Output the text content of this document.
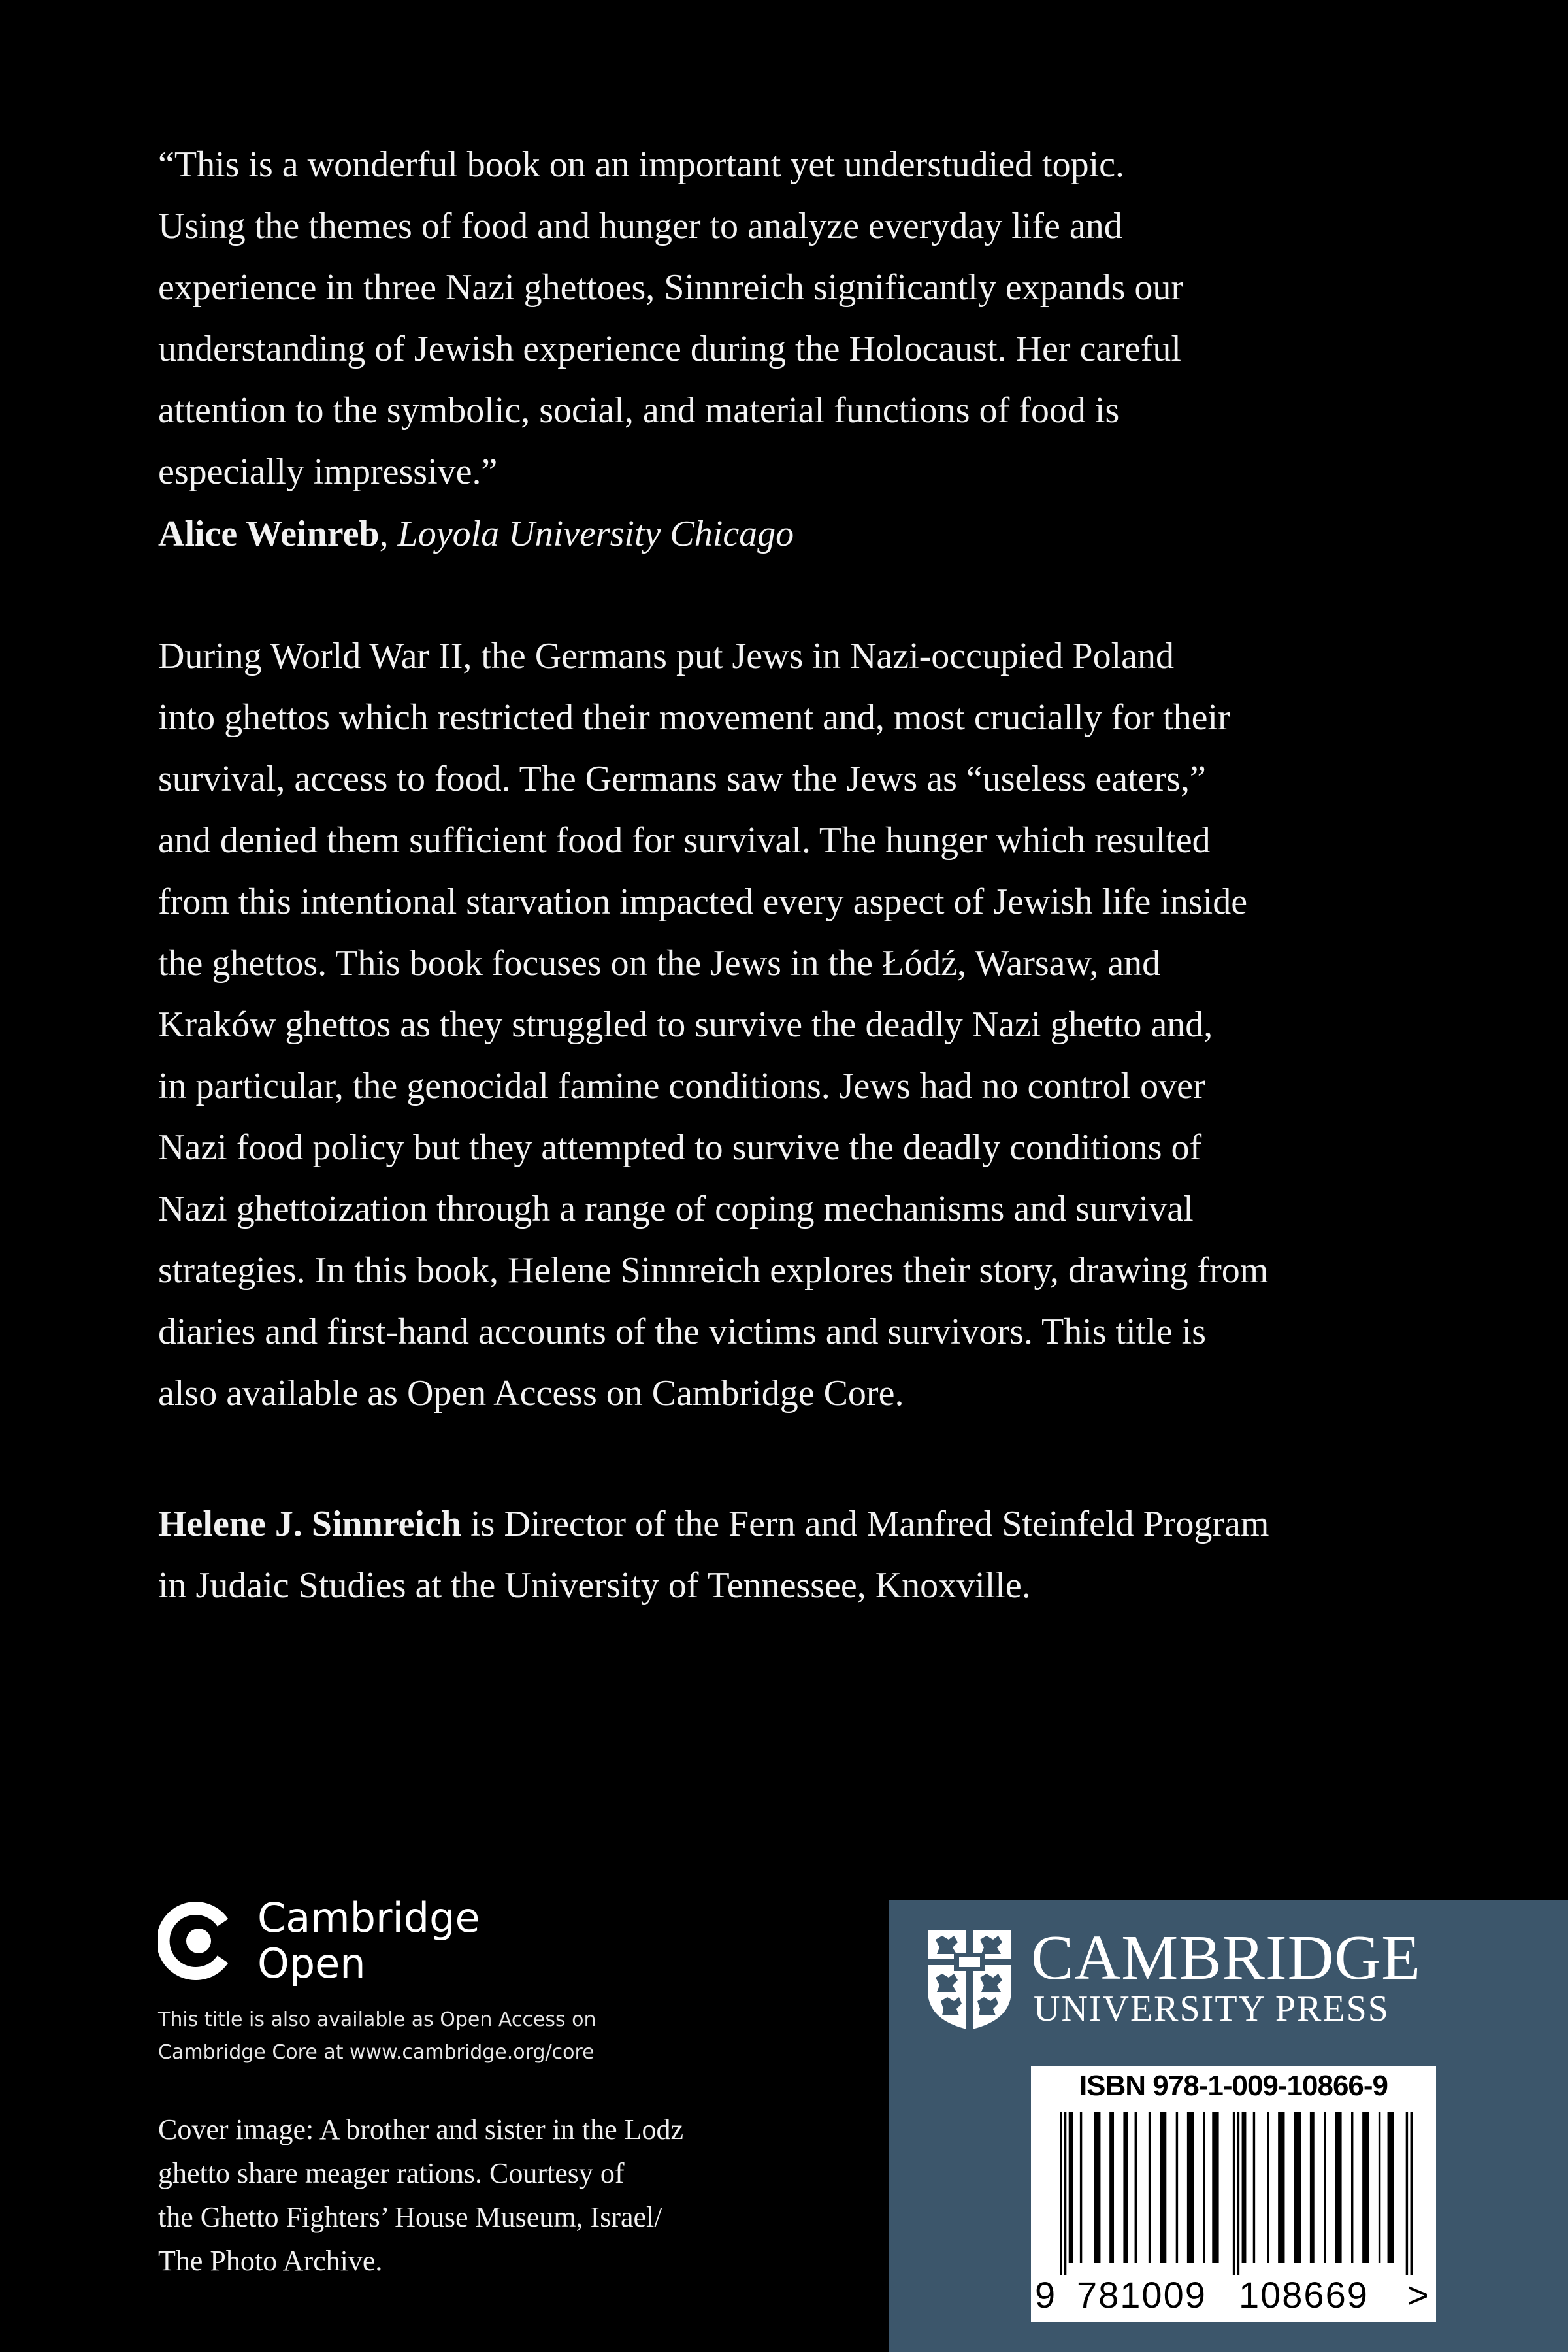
“This is a wonderful book on an important yet understudied topic.
Using the themes of food and hunger to analyze everyday life and
experience in three Nazi ghettoes, Sinnreich significantly expands our
understanding of Jewish experience during the Holocaust. Her careful
attention to the symbolic, social, and material functions of food is
especially impressive.”
Alice Weinreb, Loyola University Chicago
During World War II, the Germans put Jews in Nazi-occupied Poland
into ghettos which restricted their movement and, most crucially for their
survival, access to food. The Germans saw the Jews as “useless eaters,”
and denied them sufficient food for survival. The hunger which resulted
from this intentional starvation impacted every aspect of Jewish life inside
the ghettos. This book focuses on the Jews in the Łódź, Warsaw, and
Kraków ghettos as they struggled to survive the deadly Nazi ghetto and,
in particular, the genocidal famine conditions. Jews had no control over
Nazi food policy but they attempted to survive the deadly conditions of
Nazi ghettoization through a range of coping mechanisms and survival
strategies. In this book, Helene Sinnreich explores their story, drawing from
diaries and first-hand accounts of the victims and survivors. This title is
also available as Open Access on Cambridge Core.
Helene J. Sinnreich is Director of the Fern and Manfred Steinfeld Program
in Judaic Studies at the University of Tennessee, Knoxville.
Cambridge
Open
This title is also available as Open Access on
Cambridge Core at www.cambridge.org/core
Cover image: A brother and sister in the Lodz
ghetto share meager rations. Courtesy of
the Ghetto Fighters’ House Museum, Israel/
The Photo Archive.
CAMBRIDGE
UNIVERSITY PRESS
ISBN 978-1-009-10866-9
9 781009 108669 >
